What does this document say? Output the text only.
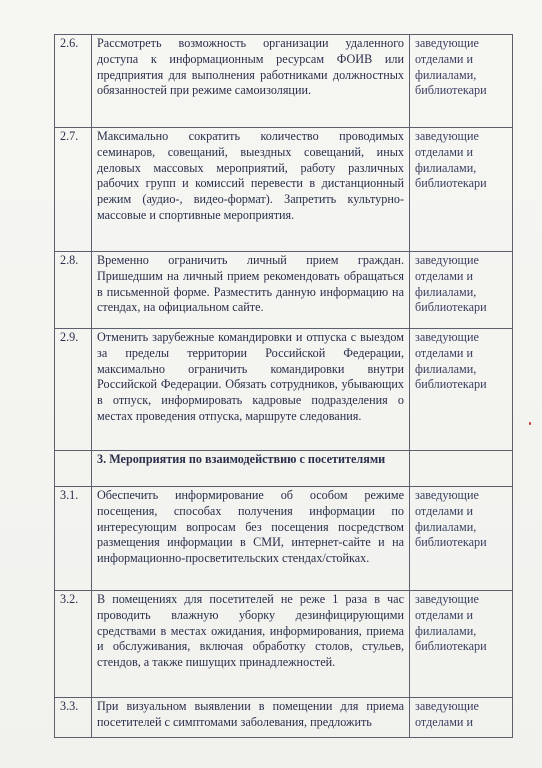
2.6.	Рассмотреть возможность организации удаленного доступа к информационным ресурсам ФОИВ или предприятия для выполнения работниками должностных обязанностей при режиме самоизоляции.	заведующие отделами и филиалами, библиотекари
2.7.	Максимально сократить количество проводимых семинаров, совещаний, выездных совещаний, иных деловых массовых мероприятий, работу различных рабочих групп и комиссий перевести в дистанционный режим (аудио-, видео-формат). Запретить культурно-массовые и спортивные мероприятия.	заведующие отделами и филиалами, библиотекари
2.8.	Временно ограничить личный прием граждан. Пришедшим на личный прием рекомендовать обращаться в письменной форме. Разместить данную информацию на стендах, на официальном сайте.	заведующие отделами и филиалами, библиотекари
2.9.	Отменить зарубежные командировки и отпуска с выездом за пределы территории Российской Федерации, максимально ограничить командировки внутри Российской Федерации. Обязать сотрудников, убывающих в отпуск, информировать кадровые подразделения о местах проведения отпуска, маршруте следования.	заведующие отделами и филиалами, библиотекари
	3. Мероприятия по взаимодействию с посетителями	
3.1.	Обеспечить информирование об особом режиме посещения, способах получения информации по интересующим вопросам без посещения посредством размещения информации в СМИ, интернет-сайте и на информационно-просветительских стендах/стойках.	заведующие отделами и филиалами, библиотекари
3.2.	В помещениях для посетителей не реже 1 раза в час проводить влажную уборку дезинфицирующими средствами в местах ожидания, информирования, приема и обслуживания, включая обработку столов, стульев, стендов, а также пишущих принадлежностей.	заведующие отделами и филиалами, библиотекари
3.3.	При визуальном выявлении в помещении для приема посетителей с симптомами заболевания, предложить	заведующие отделами и
